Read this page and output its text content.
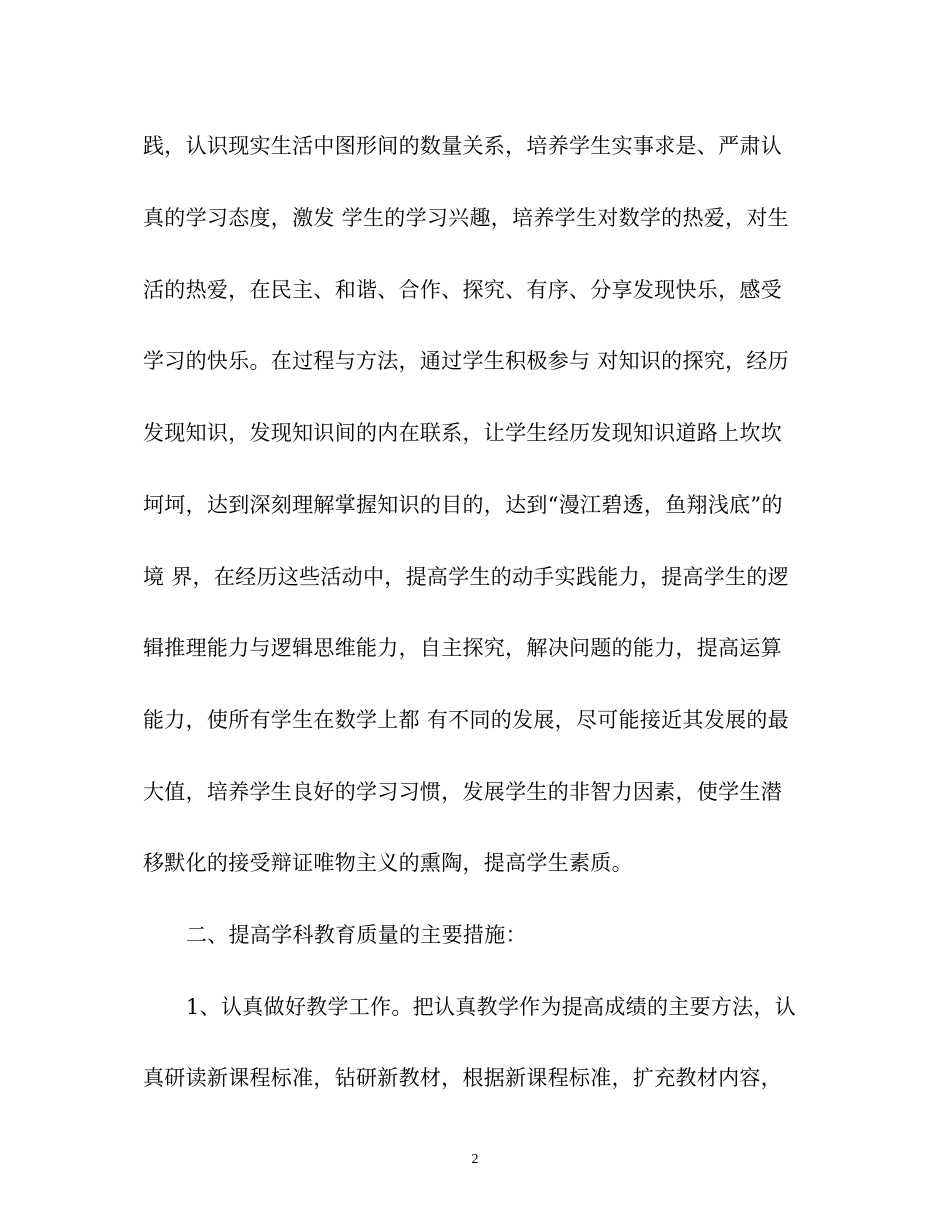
践，认识现实生活中图形间的数量关系，培养学生实事求是、严肃认
真的学习态度，激发 学生的学习兴趣，培养学生对数学的热爱，对生
活的热爱，在民主、和谐、合作、探究、有序、分享发现快乐，感受
学习的快乐。在过程与方法，通过学生积极参与 对知识的探究，经历
发现知识，发现知识间的内在联系，让学生经历发现知识道路上坎坎
坷坷，达到深刻理解掌握知识的目的，达到“漫江碧透，鱼翔浅底”的
境 界，在经历这些活动中，提高学生的动手实践能力，提高学生的逻
辑推理能力与逻辑思维能力，自主探究，解决问题的能力，提高运算
能力，使所有学生在数学上都 有不同的发展，尽可能接近其发展的最
大值，培养学生良好的学习习惯，发展学生的非智力因素，使学生潜
移默化的接受辩证唯物主义的熏陶，提高学生素质。
二、提高学科教育质量的主要措施：
1、认真做好教学工作。把认真教学作为提高成绩的主要方法，认
真研读新课程标准，钻研新教材，根据新课程标准，扩充教材内容，
2
